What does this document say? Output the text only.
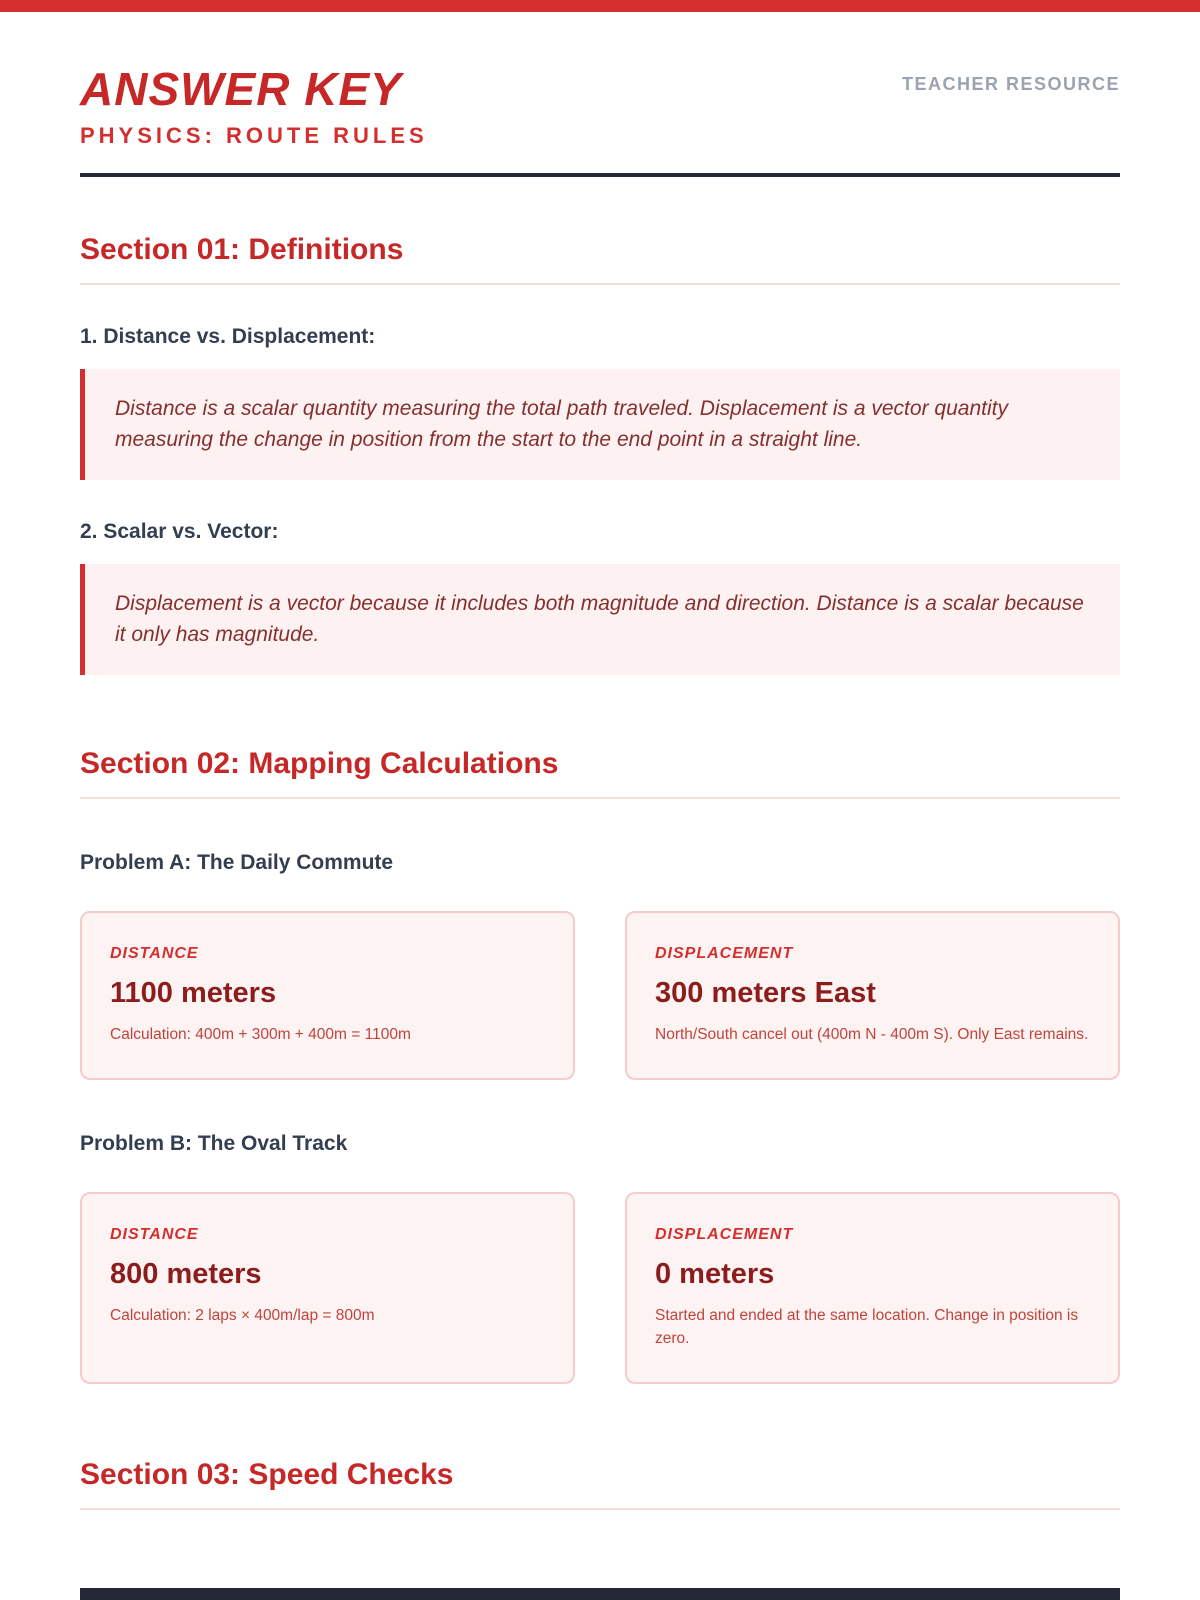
ANSWER KEY	TEACHER RESOURCE
PHYSICS: ROUTE RULES
Section 01: Definitions
1. Distance vs. Displacement:

Distance is a scalar quantity measuring the total path traveled. Displacement is a vector quantity measuring the change in position from the start to the end point in a straight line.

2. Scalar vs. Vector:

Displacement is a vector because it includes both magnitude and direction. Distance is a scalar because it only has magnitude.

Section 02: Mapping Calculations
Problem A: The Daily Commute
DISTANCE
1100 meters
Calculation: 400m + 300m + 400m = 1100m
DISPLACEMENT
300 meters East
North/South cancel out (400m N - 400m S). Only East remains.
Problem B: The Oval Track
DISTANCE
800 meters
Calculation: 2 laps × 400m/lap = 800m
DISPLACEMENT
0 meters
Started and ended at the same location. Change in position is zero.
Section 03: Speed Checks
